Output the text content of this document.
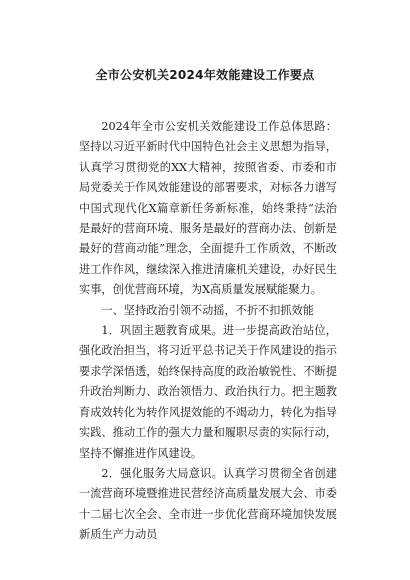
全市公安机关2024年效能建设工作要点

2024年全市公安机关效能建设工作总体思路：坚持以习近平新时代中国特色社会主义思想为指导，认真学习贯彻党的XX大精神，按照省委、市委和市局党委关于作风效能建设的部署要求，对标各力谱写中国式现代化X篇章新任务新标准，始终秉持“法治是最好的营商环境、服务是最好的营商办法、创新是最好的营商动能”理念，全面提升工作质效，不断改进工作作风，继续深入推进清廉机关建设，办好民生实事，创优营商环境，为X高质量发展赋能聚力。

一、坚持政治引领不动摇，不折不扣抓效能

1．巩固主题教育成果。进一步提高政治站位，强化政治担当，将习近平总书记关于作风建设的指示要求学深悟透，始终保持高度的政治敏锐性、不断提升政治判断力、政治领悟力、政治执行力。把主题教育成效转化为转作风提效能的不竭动力，转化为指导实践、推动工作的强大力量和履职尽责的实际行动，坚持不懈推进作风建设。

2．强化服务大局意识。认真学习贯彻全省创建一流营商环境暨推进民营经济高质量发展大会、市委十二届七次全会、全市进一步优化营商环境加快发展新质生产力动员
